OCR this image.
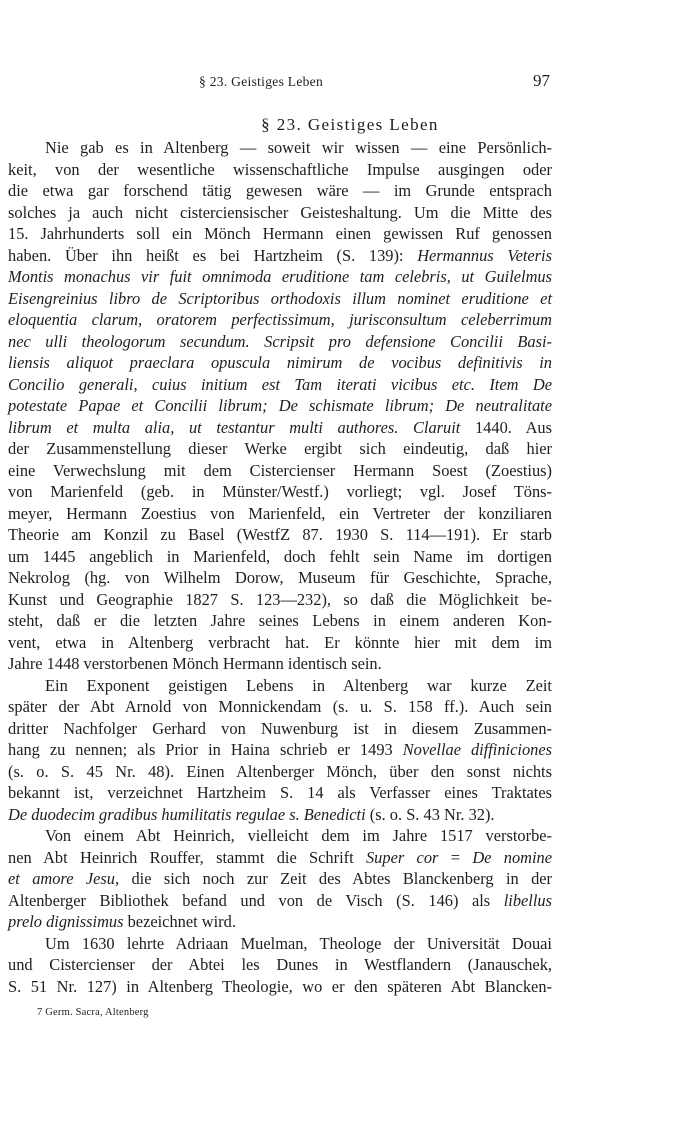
§ 23. Geistiges Leben	97
§ 23. Geistiges Leben
Nie gab es in Altenberg — soweit wir wissen — eine Persönlich-
keit, von der wesentliche wissenschaftliche Impulse ausgingen oder
die etwa gar forschend tätig gewesen wäre — im Grunde entsprach
solches ja auch nicht cisterciensischer Geisteshaltung. Um die Mitte des
15. Jahrhunderts soll ein Mönch Hermann einen gewissen Ruf genossen
haben. Über ihn heißt es bei Hartzheim (S. 139): Hermannus Veteris
Montis monachus vir fuit omnimoda eruditione tam celebris, ut Guilelmus
Eisengreinius libro de Scriptoribus orthodoxis illum nominet eruditione et
eloquentia clarum, oratorem perfectissimum, jurisconsultum celeberrimum
nec ulli theologorum secundum. Scripsit pro defensione Concilii Basi-
liensis aliquot praeclara opuscula nimirum de vocibus definitivis in
Concilio generali, cuius initium est Tam iterati vicibus etc. Item De
potestate Papae et Concilii librum; De schismate librum; De neutralitate
librum et multa alia, ut testantur multi authores. Claruit 1440. Aus
der Zusammenstellung dieser Werke ergibt sich eindeutig, daß hier
eine Verwechslung mit dem Cistercienser Hermann Soest (Zoestius)
von Marienfeld (geb. in Münster/Westf.) vorliegt; vgl. Josef Töns-
meyer, Hermann Zoestius von Marienfeld, ein Vertreter der konziliaren
Theorie am Konzil zu Basel (WestfZ 87. 1930 S. 114—191). Er starb
um 1445 angeblich in Marienfeld, doch fehlt sein Name im dortigen
Nekrolog (hg. von Wilhelm Dorow, Museum für Geschichte, Sprache,
Kunst und Geographie 1827 S. 123—232), so daß die Möglichkeit be-
steht, daß er die letzten Jahre seines Lebens in einem anderen Kon-
vent, etwa in Altenberg verbracht hat. Er könnte hier mit dem im
Jahre 1448 verstorbenen Mönch Hermann identisch sein.
Ein Exponent geistigen Lebens in Altenberg war kurze Zeit
später der Abt Arnold von Monnickendam (s. u. S. 158 ff.). Auch sein
dritter Nachfolger Gerhard von Nuwenburg ist in diesem Zusammen-
hang zu nennen; als Prior in Haina schrieb er 1493 Novellae diffiniciones
(s. o. S. 45 Nr. 48). Einen Altenberger Mönch, über den sonst nichts
bekannt ist, verzeichnet Hartzheim S. 14 als Verfasser eines Traktates
De duodecim gradibus humilitatis regulae s. Benedicti (s. o. S. 43 Nr. 32).
Von einem Abt Heinrich, vielleicht dem im Jahre 1517 verstorbe-
nen Abt Heinrich Rouffer, stammt die Schrift Super cor = De nomine
et amore Jesu, die sich noch zur Zeit des Abtes Blanckenberg in der
Altenberger Bibliothek befand und von de Visch (S. 146) als libellus
prelo dignissimus bezeichnet wird.
Um 1630 lehrte Adriaan Muelman, Theologe der Universität Douai
und Cistercienser der Abtei les Dunes in Westflandern (Janauschek,
S. 51 Nr. 127) in Altenberg Theologie, wo er den späteren Abt Blancken-
7 Germ. Sacra, Altenberg
